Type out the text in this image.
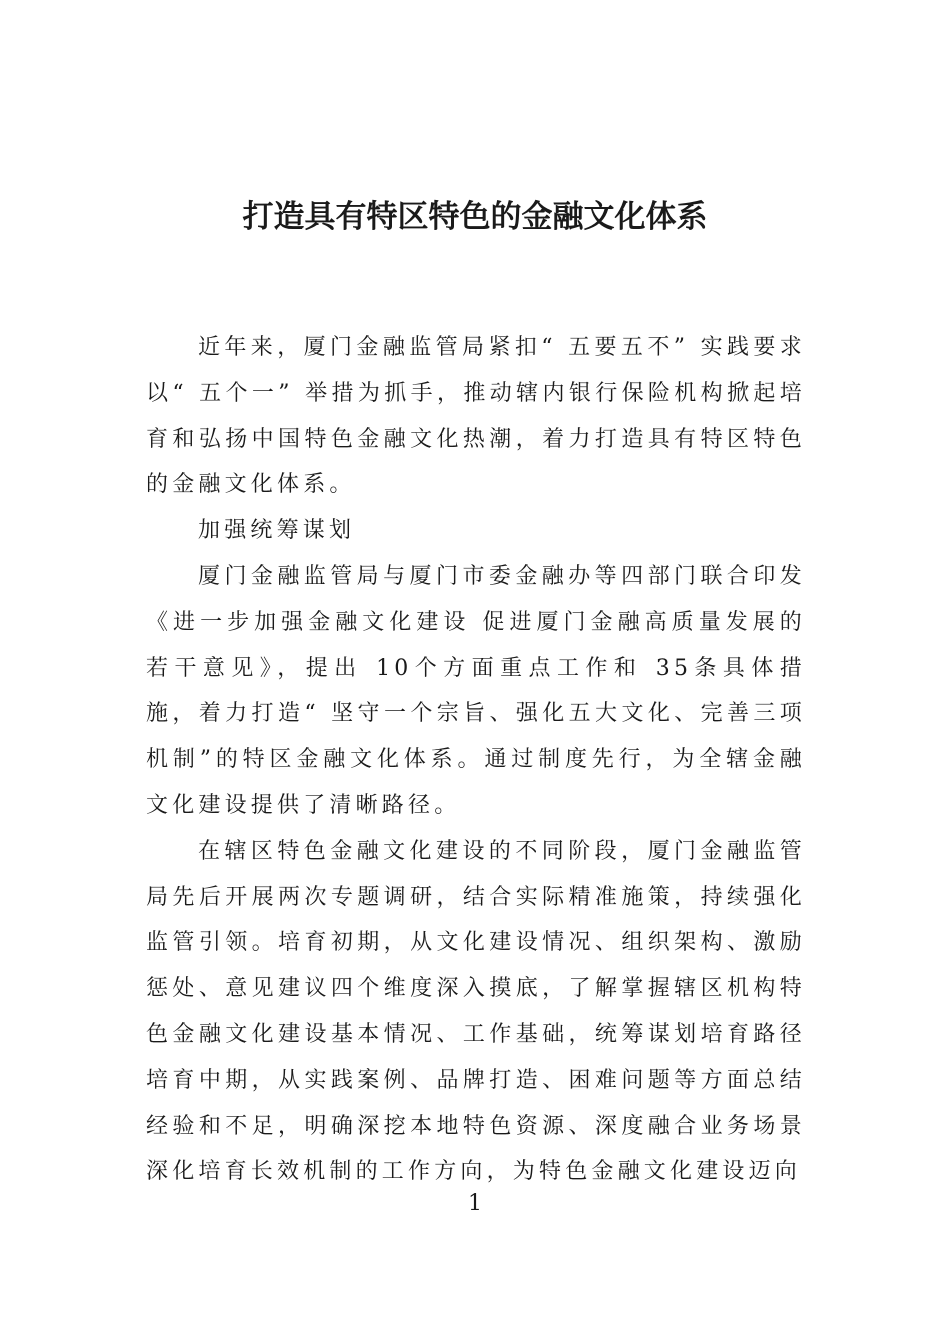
打造具有特区特色的金融文化体系

近年来，厦门金融监管局紧扣“ 五要五不” 实践要求以“ 五个一” 举措为抓手，推动辖内银行保险机构掀起培育和弘扬中国特色金融文化热潮，着力打造具有特区特色的金融文化体系。

加强统筹谋划

厦门金融监管局与厦门市委金融办等四部门联合印发《进一步加强金融文化建设 促进厦门金融高质量发展的若干意见》，提出 10个方面重点工作和 35条具体措施，着力打造“ 坚守一个宗旨、强化五大文化、完善三项机制”的特区金融文化体系。通过制度先行，为全辖金融文化建设提供了清晰路径。

在辖区特色金融文化建设的不同阶段，厦门金融监管局先后开展两次专题调研，结合实际精准施策，持续强化监管引领。培育初期，从文化建设情况、组织架构、激励惩处、意见建议四个维度深入摸底，了解掌握辖区机构特色金融文化建设基本情况、工作基础，统筹谋划培育路径培育中期，从实践案例、品牌打造、困难问题等方面总结经验和不足，明确深挖本地特色资源、深度融合业务场景深化培育长效机制的工作方向，为特色金融文化建设迈向

1
